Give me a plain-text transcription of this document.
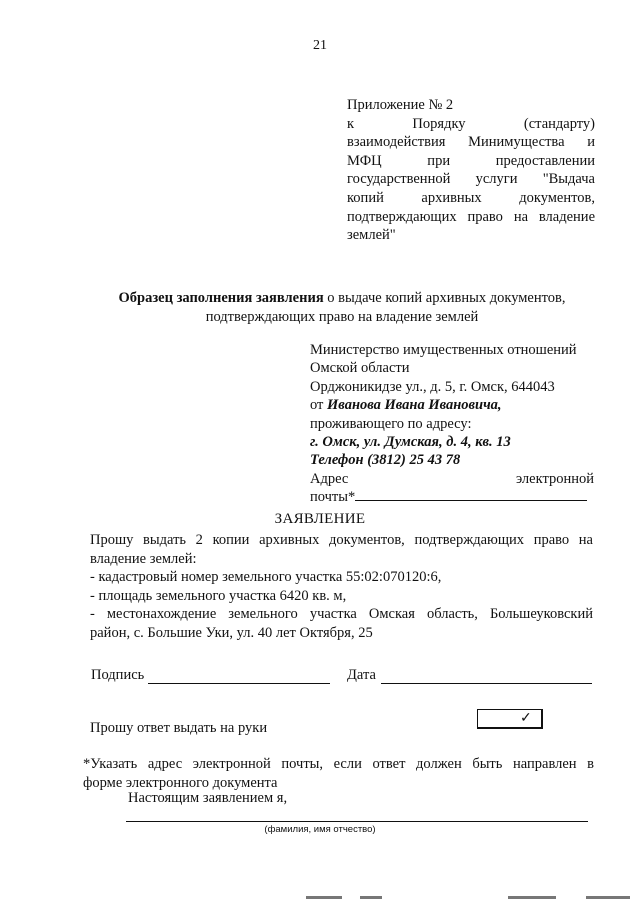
21
Приложение № 2
к Порядку (стандарту)
взаимодействия Минимущества и
МФЦ при предоставлении
государственной услуги "Выдача
копий архивных документов,
подтверждающих право на владение
землей"
Образец заполнения заявления о выдаче копий архивных документов,
подтверждающих право на владение землей
Министерство имущественных отношений
Омской области
Орджоникидзе ул., д. 5, г. Омск, 644043
от Иванова Ивана Ивановича,
проживающего по адресу:
г. Омск, ул. Думская, д. 4, кв. 13
Телефон (3812) 25 43 78
Адрес электронной
почты*
ЗАЯВЛЕНИЕ
Прошу выдать 2 копии архивных документов, подтверждающих право на
владение землей:
- кадастровый номер земельного участка 55:02:070120:6,
- площадь земельного участка 6420 кв. м,
- местонахождение земельного участка Омская область, Большеуковский
район, с. Большие Уки, ул. 40 лет Октября, 25
Подпись	Дата
Прошу ответ выдать на руки
✓
*Указать адрес электронной почты, если ответ должен быть направлен в
форме электронного документа
Настоящим заявлением я,
(фамилия, имя отчество)
